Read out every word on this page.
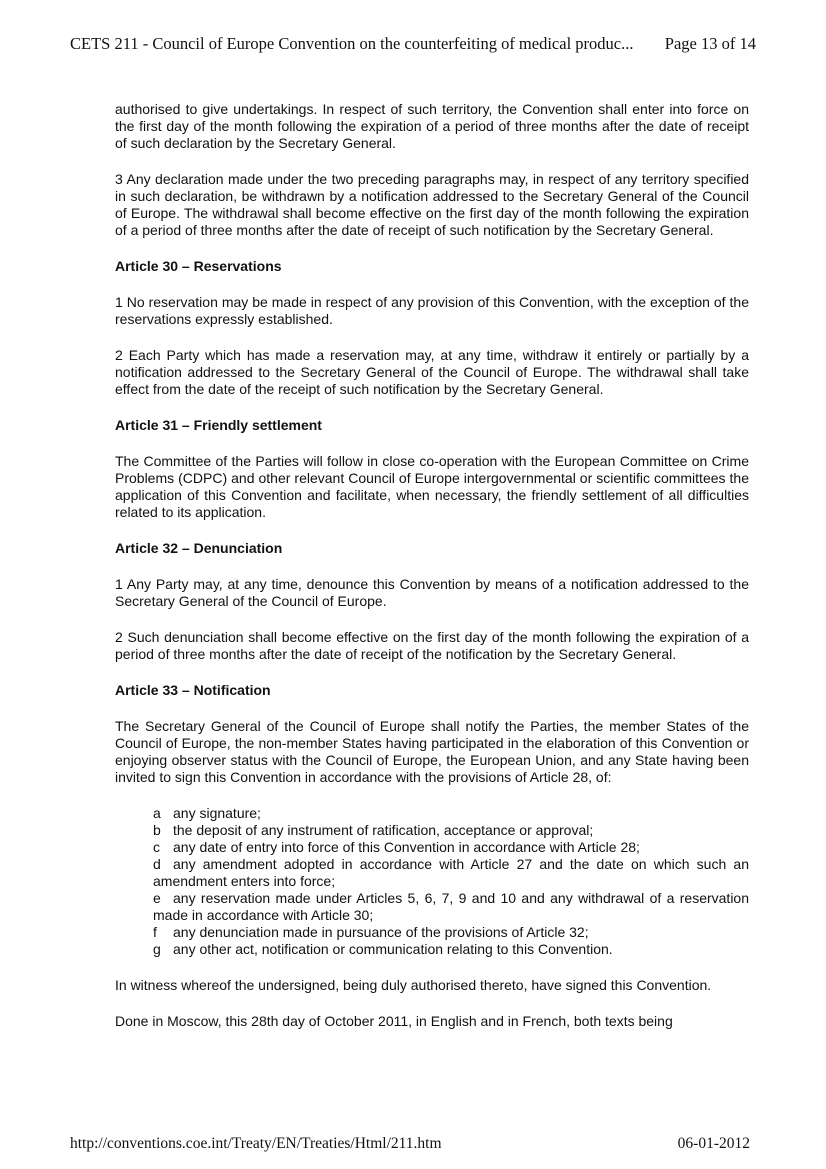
CETS 211 - Council of Europe Convention on the counterfeiting of medical produc... Page 13 of 14

authorised to give undertakings. In respect of such territory, the Convention shall enter into force on the first day of the month following the expiration of a period of three months after the date of receipt of such declaration by the Secretary General.

3 Any declaration made under the two preceding paragraphs may, in respect of any territory specified in such declaration, be withdrawn by a notification addressed to the Secretary General of the Council of Europe. The withdrawal shall become effective on the first day of the month following the expiration of a period of three months after the date of receipt of such notification by the Secretary General.

Article 30 – Reservations

1 No reservation may be made in respect of any provision of this Convention, with the exception of the reservations expressly established.

2 Each Party which has made a reservation may, at any time, withdraw it entirely or partially by a notification addressed to the Secretary General of the Council of Europe. The withdrawal shall take effect from the date of the receipt of such notification by the Secretary General.

Article 31 – Friendly settlement

The Committee of the Parties will follow in close co-operation with the European Committee on Crime Problems (CDPC) and other relevant Council of Europe intergovernmental or scientific committees the application of this Convention and facilitate, when necessary, the friendly settlement of all difficulties related to its application.

Article 32 – Denunciation

1 Any Party may, at any time, denounce this Convention by means of a notification addressed to the Secretary General of the Council of Europe.

2 Such denunciation shall become effective on the first day of the month following the expiration of a period of three months after the date of receipt of the notification by the Secretary General.

Article 33 – Notification

The Secretary General of the Council of Europe shall notify the Parties, the member States of the Council of Europe, the non-member States having participated in the elaboration of this Convention or enjoying observer status with the Council of Europe, the European Union, and any State having been invited to sign this Convention in accordance with the provisions of Article 28, of:

a any signature;
b the deposit of any instrument of ratification, acceptance or approval;
c any date of entry into force of this Convention in accordance with Article 28;
d any amendment adopted in accordance with Article 27 and the date on which such an amendment enters into force;
e any reservation made under Articles 5, 6, 7, 9 and 10 and any withdrawal of a reservation made in accordance with Article 30;
f any denunciation made in pursuance of the provisions of Article 32;
g any other act, notification or communication relating to this Convention.

In witness whereof the undersigned, being duly authorised thereto, have signed this Convention.

Done in Moscow, this 28th day of October 2011, in English and in French, both texts being

http://conventions.coe.int/Treaty/EN/Treaties/Html/211.htm	06-01-2012
